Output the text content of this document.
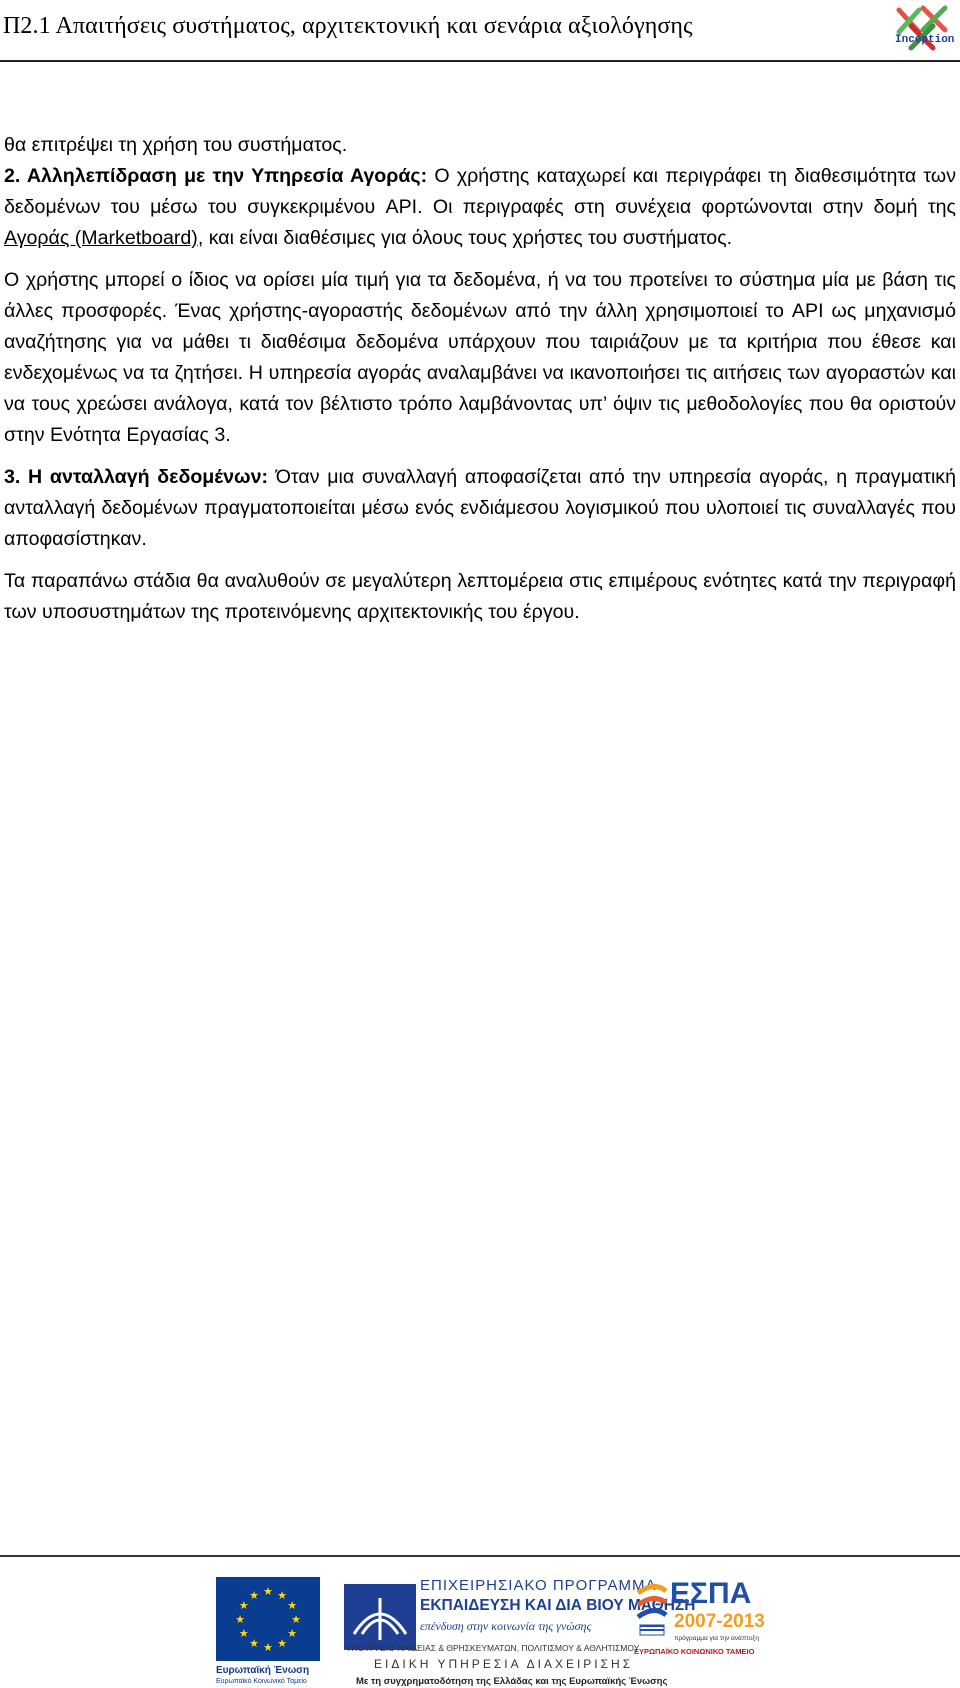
Π2.1 Απαιτήσεις συστήματος, αρχιτεκτονική και σενάρια αξιολόγησης
Inception

θα επιτρέψει τη χρήση του συστήματος.

2. Αλληλεπίδραση με την Υπηρεσία Αγοράς: Ο χρήστης καταχωρεί και περιγράφει τη διαθεσιμότητα των δεδομένων του μέσω του συγκεκριμένου API. Οι περιγραφές στη συνέχεια φορτώνονται στην δομή της Αγοράς (Marketboard), και είναι διαθέσιμες για όλους τους χρήστες του συστήματος.

Ο χρήστης μπορεί ο ίδιος να ορίσει μία τιμή για τα δεδομένα, ή να του προτείνει το σύστημα μία με βάση τις άλλες προσφορές. Ένας χρήστης-αγοραστής δεδομένων από την άλλη χρησιμοποιεί το API ως μηχανισμό αναζήτησης για να μάθει τι διαθέσιμα δεδομένα υπάρχουν που ταιριάζουν με τα κριτήρια που έθεσε και ενδεχομένως να τα ζητήσει. Η υπηρεσία αγοράς αναλαμβάνει να ικανοποιήσει τις αιτήσεις των αγοραστών και να τους χρεώσει ανάλογα, κατά τον βέλτιστο τρόπο λαμβάνοντας υπ’ όψιν τις μεθοδολογίες που θα οριστούν στην Ενότητα Εργασίας 3.

3. Η ανταλλαγή δεδομένων: Όταν μια συναλλαγή αποφασίζεται από την υπηρεσία αγοράς, η πραγματική ανταλλαγή δεδομένων πραγματοποιείται μέσω ενός ενδιάμεσου λογισμικού που υλοποιεί τις συναλλαγές που αποφασίστηκαν.

Τα παραπάνω στάδια θα αναλυθούν σε μεγαλύτερη λεπτομέρεια στις επιμέρους ενότητες κατά την περιγραφή των υποσυστημάτων της προτεινόμενης αρχιτεκτονικής του έργου.

★ ★
★
★
★
★
★
★
★
★
★
★
Ευρωπαϊκή Ένωση
Ευρωπαϊκό Κοινωνικό Ταμείο
ΕΠΙΧΕΙΡΗΣΙΑΚΟ ΠΡΟΓΡΑΜΜΑ
ΕΚΠΑΙΔΕΥΣΗ ΚΑΙ ΔΙΑ ΒΙΟΥ ΜΑΘΗΣΗ
επένδυση στην κοινωνία της γνώσης
ΥΠΟΥΡΓΕΙΟ ΠΑΙΔΕΙΑΣ & ΘΡΗΣΚΕΥΜΑΤΩΝ, ΠΟΛΙΤΙΣΜΟΥ & ΑΘΛΗΤΙΣΜΟΥ
ΕΙΔΙΚΗ ΥΠΗΡΕΣΙΑ ΔΙΑΧΕΙΡΙΣΗΣ
Με τη συγχρηματοδότηση της Ελλάδας και της Ευρωπαϊκής Ένωσης
ΕΣΠΑ
2007-2013
πρόγραμμα για την ανάπτυξη
ΕΥΡΩΠΑΪΚΟ ΚΟΙΝΩΝΙΚΟ ΤΑΜΕΙΟ
